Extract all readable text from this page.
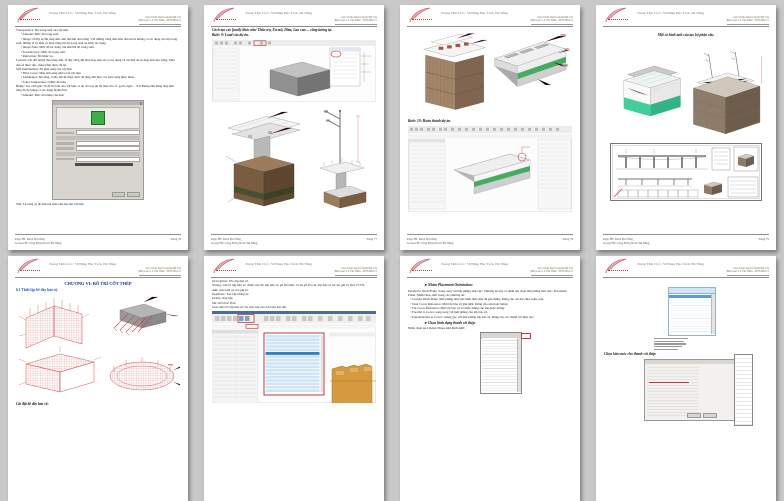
X
Trung Tâm CLC: 50 Đặng Hạc Trch, Đà Nẵng
Giáo Trình: Revit Chuyên Đề Cầu
Biên soạn: Lê Văn Thêm - 0978.498.151
Transparency: Độ trong suốt của vật liệu.
• Amount: Mức độ trong suốt.
• Image: Ở đây sẽ đặt map ảnh, nên đặt ảnh đen trắng. Với những vùng ảnh màu đen thì sẽ không có tác dụng của độ trong suốt, những vị trí màu có màu trắng thì độ trong suốt sẽ được tác dụng.
• Image Fade: Mức độ tác dụng của ảnh lên độ trong suốt.
• Translucency: Mức độ trong suốt.
• Refraction: Độ khúc xạ.
Cutouts: Cắt đối tượng theo map ảnh. Ở đây cũng đặt một map ảnh, sẽ có tác dụng về vật liệu đó sẽ map ảnh đen trắng. Màu đen sẽ được đục, màu trắng được để lại.
Self Illumination: Tự phát sáng của vật liệu:
• Filter Color: Màu ánh sáng phát ra từ vật liệu.
• Luminance: Độ sáng, ở đây liệt kê được mức độ tăng dần theo các kiểu sáng khác nhau.
• Color Temperature: Nhiệt độ màu.
Bump: Tạo cảm giác về độ lồi lõm cho vật liệu, ví dụ cho tạo độ lồi lõm cho cỏ, gạch, ngói… Với Bump nên dùng map ảnh tông độ để bump có tác dụng mạnh hơn.
• Amount: Mức độ bump của ảnh.
Tint: Là công cụ để làm nổi màu chủ đạo lên vật liệu.
Page FB: Revit Đà Nẵng
Group FB: Cộng Đồng Revit Đà Nẵng
Trang 76
X
Trung Tâm CLC: 50 Đặng Hạc Trch, Đà Nẵng
Giáo Trình: Revit Chuyên Đề Cầu
Biên soạn: Lê Văn Thêm - 0978.498.151
Cách tạo các family khác như Thân trụ, Xà mũ, Dầm, Lan can… cũng tương tự.
Bước 9: Load vào dự án.
Page FB: Revit Đà Nẵng
Group FB: Cộng Đồng Revit Đà Nẵng
Trang 77
X
Trung Tâm CLC: 50 Đặng Hạc Trch, Đà Nẵng
Giáo Trình: Revit Chuyên Đề Cầu
Biên soạn: Lê Văn Thêm - 0978.498.151
Bước 10: Hoàn thành dự án.
Page FB: Revit Đà Nẵng
Group FB: Cộng Đồng Revit Đà Nẵng
Trang 78
X
Trung Tâm CLC: 50 Đặng Hạc Trch, Đà Nẵng
Giáo Trình: Revit Chuyên Đề Cầu
Biên soạn: Lê Văn Thêm - 0978.498.151
Một số hình ảnh của tạo bộ phận cầu.
Page FB: Revit Đà Nẵng
Group FB: Cộng Đồng Revit Đà Nẵng
Trang 79
X
Trung Tâm CLC: 50 Đặng Hạc Trch, Đà Nẵng
Giáo Trình: Revit Chuyên Đề Cầu
Biên soạn: Lê Văn Thêm - 0978.498.151
CHƯƠNG VI: BỐ TRÍ CỐT THÉP
6.1 Thiết lập bề dày bảo vệ.
Cài đặt bề dày bảo vệ:
X
Trung Tâm CLC: 50 Đặng Hạc Trch, Đà Nẵng
Giáo Trình: Revit Chuyên Đề Cầu
Biên soạn: Lê Văn Thêm - 0978.498.151
Description: Tên lớp bảo vệ.
Setting: Giá trị lớp bảo vệ. Nhấn vào tên lớp bảo vệ, gõ tên khác. Ví dụ gõ tên các lớp bảo vệ và cho giá trị theo TCVN.
Add: Gán mới và cho giá trị.
Duplicate: Tạo lớp tương tự.
Delete: Xóa lớp.
OK: Kết thúc lệnh.
Giao diện 05 lớp bảo vệ cho một mặt cầu mô hình bôi sẵn:
X
Trung Tâm CLC: 50 Đặng Hạc Trch, Đà Nẵng
Giáo Trình: Revit Chuyên Đề Cầu
Biên soạn: Lê Văn Thêm - 0978.498.151
➤ Nhóm Placement Orientation:
Parallel to Work Plane: Song song với mặt phẳng làm việc. Phương án này có thêm lựa chọn mặt phẳng làm việc: Placement Plane. Nhấn chọn, một trong các phương án:
• Current Work Plane: Mặt phẳng làm việc hiện thời (nếu đã gán định). Dùng cho cốt đai chịu xoắn, uốn.
• Near Cover Reference: Mặt lớp bảo vệ gần nhất. Dùng cho sàn hoặc móng.
• Far Cover Reference: Mặt lớp bảo vệ xa nhất. Dùng cho sàn hoặc tường.
• Parallel to Cover: song song với mặt phẳng của lớp bảo vệ.
• Perpendicular to Cover: vuông góc với mặt phẳng lớp bảo vệ. Dùng cho các thanh cốt thép dọc.
➤ Chọn hình dạng thanh cốt thép:
Nhấn chọn tại ô Rebar Shape như hình dưới:
X
Trung Tâm CLC: 50 Đặng Hạc Trch, Đà Nẵng
Giáo Trình: Revit Chuyên Đề Cầu
Biên soạn: Lê Văn Thêm - 0978.498.151
Chọn kiểu móc cho thanh cốt thép:
